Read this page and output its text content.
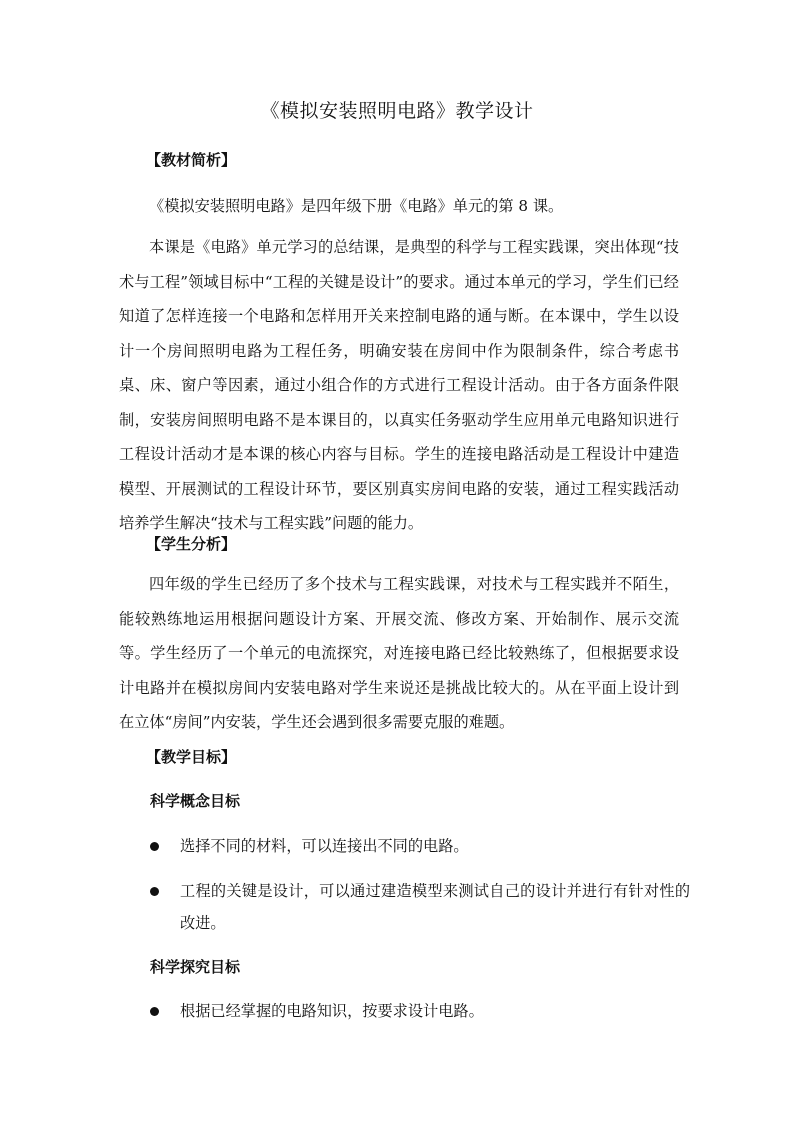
《模拟安装照明电路》教学设计
【教材简析】
《模拟安装照明电路》是四年级下册《电路》单元的第 8 课。
本课是《电路》单元学习的总结课，是典型的科学与工程实践课，突出体现“技术与工程”领域目标中“工程的关键是设计”的要求。通过本单元的学习，学生们已经知道了怎样连接一个电路和怎样用开关来控制电路的通与断。在本课中，学生以设计一个房间照明电路为工程任务，明确安装在房间中作为限制条件，综合考虑书桌、床、窗户等因素，通过小组合作的方式进行工程设计活动。由于各方面条件限制，安装房间照明电路不是本课目的，以真实任务驱动学生应用单元电路知识进行工程设计活动才是本课的核心内容与目标。学生的连接电路活动是工程设计中建造模型、开展测试的工程设计环节，要区别真实房间电路的安装，通过工程实践活动培养学生解决“技术与工程实践”问题的能力。
【学生分析】
四年级的学生已经历了多个技术与工程实践课，对技术与工程实践并不陌生，能较熟练地运用根据问题设计方案、开展交流、修改方案、开始制作、展示交流等。学生经历了一个单元的电流探究，对连接电路已经比较熟练了，但根据要求设计电路并在模拟房间内安装电路对学生来说还是挑战比较大的。从在平面上设计到在立体“房间”内安装，学生还会遇到很多需要克服的难题。
【教学目标】
科学概念目标
选择不同的材料，可以连接出不同的电路。
工程的关键是设计，可以通过建造模型来测试自己的设计并进行有针对性的改进。
科学探究目标
根据已经掌握的电路知识，按要求设计电路。
